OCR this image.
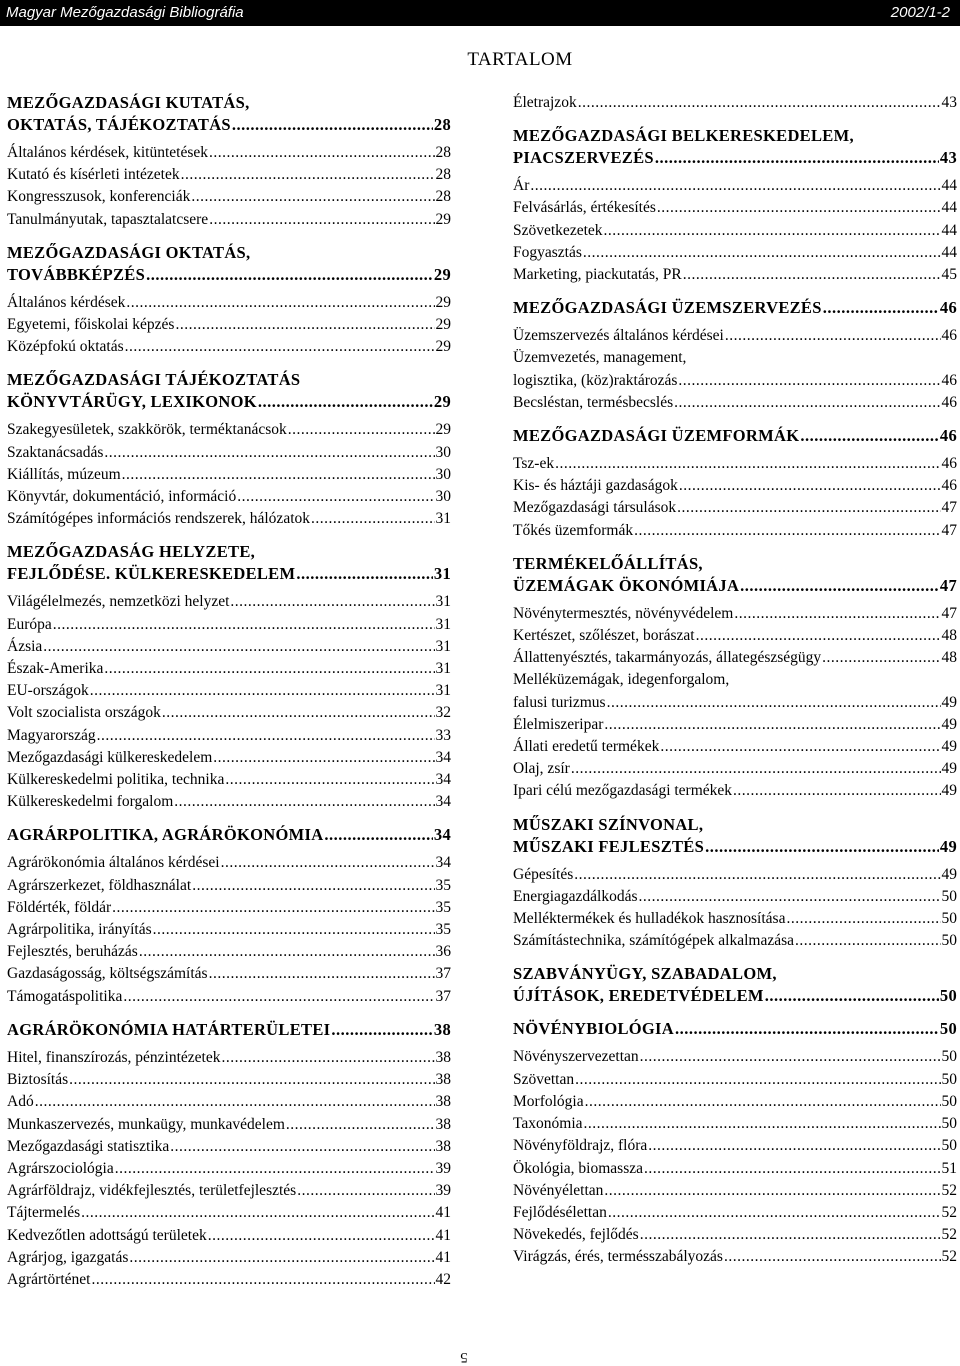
Magyar Mezőgazdasági Bibliográfia	2002/1-2
TARTALOM
MEZŐGAZDASÁGI KUTATÁS,
OKTATÁS, TÁJÉKOZTATÁS .....	28
Általános kérdések, kitüntetések .....	28
Kutató és kísérleti intézetek .....	28
Kongresszusok, konferenciák .....	28
Tanulmányutak, tapasztalatcsere .....	29
MEZŐGAZDASÁGI OKTATÁS,
TOVÁBBKÉPZÉS .....	29
Általános kérdések .....	29
Egyetemi, főiskolai képzés .....	29
Középfokú oktatás .....	29
MEZŐGAZDASÁGI TÁJÉKOZTATÁS
KÖNYVTÁRÜGY, LEXIKONOK .....	29
Szakegyesületek, szakkörök, terméktanácsok .....	29
Szaktanácsadás .....	30
Kiállítás, múzeum .....	30
Könyvtár, dokumentáció, információ .....	30
Számítógépes információs rendszerek, hálózatok .....	31
MEZŐGAZDASÁG HELYZETE,
FEJLŐDÉSE. KÜLKERESKEDELEM .....	31
Világélelmezés, nemzetközi helyzet .....	31
Európa .....	31
Ázsia .....	31
Észak-Amerika .....	31
EU-országok .....	31
Volt szocialista országok .....	32
Magyarország .....	33
Mezőgazdasági külkereskedelem .....	34
Külkereskedelmi politika, technika .....	34
Külkereskedelmi forgalom .....	34
AGRÁRPOLITIKA, AGRÁRÖKONÓMIA .....	34
Agrárökonómia általános kérdései .....	34
Agrárszerkezet, földhasználat .....	35
Földérték, földár .....	35
Agrárpolitika, irányítás .....	35
Fejlesztés, beruházás .....	36
Gazdaságosság, költségszámítás .....	37
Támogatáspolitika .....	37
AGRÁRÖKONÓMIA HATÁRTERÜLETEI .....	38
Hitel, finanszírozás, pénzintézetek .....	38
Biztosítás .....	38
Adó .....	38
Munkaszervezés, munkaügy, munkavédelem .....	38
Mezőgazdasági statisztika .....	38
Agrárszociológia .....	39
Agrárföldrajz, vidékfejlesztés, területfejlesztés .....	39
Tájtermelés .....	41
Kedvezőtlen adottságú területek .....	41
Agrárjog, igazgatás .....	41
Agrártörténet .....	42
Életrajzok .....	43
MEZŐGAZDASÁGI BELKERESKEDELEM,
PIACSZERVEZÉS .....	43
Ár .....	44
Felvásárlás, értékesítés .....	44
Szövetkezetek .....	44
Fogyasztás .....	44
Marketing, piackutatás, PR .....	45
MEZŐGAZDASÁGI ÜZEMSZERVEZÉS .....	46
Üzemszervezés általános kérdései .....	46
Üzemvezetés, management,
logisztika, (köz)raktározás .....	46
Becsléstan, termésbecslés .....	46
MEZŐGAZDASÁGI ÜZEMFORMÁK .....	46
Tsz-ek .....	46
Kis- és háztáji gazdaságok .....	46
Mezőgazdasági társulások .....	47
Tőkés üzemformák .....	47
TERMÉKELŐÁLLÍTÁS,
ÜZEMÁGAK ÖKONÓMIÁJA .....	47
Növénytermesztés, növényvédelem .....	47
Kertészet, szőlészet, borászat .....	48
Állattenyésztés, takarmányozás, állategészségügy .....	48
Melléküzemágak, idegenforgalom,
falusi turizmus .....	49
Élelmiszeripar .....	49
Állati eredetű termékek .....	49
Olaj, zsír .....	49
Ipari célú mezőgazdasági termékek .....	49
MŰSZAKI SZÍNVONAL,
MŰSZAKI FEJLESZTÉS .....	49
Gépesítés .....	49
Energiagazdálkodás .....	50
Melléktermékek és hulladékok hasznosítása .....	50
Számítástechnika, számítógépek alkalmazása .....	50
SZABVÁNYÜGY, SZABADALOM,
ÚJÍTÁSOK, EREDETVÉDELEM .....	50
NÖVÉNYBIOLÓGIA .....	50
Növényszervezettan .....	50
Szövettan .....	50
Morfológia .....	50
Taxonómia .....	50
Növényföldrajz, flóra .....	50
Ökológia, biomassza .....	51
Növényélettan .....	52
Fejlődésélettan .....	52
Növekedés, fejlődés .....	52
Virágzás, érés, termésszabályozás .....	52
5
